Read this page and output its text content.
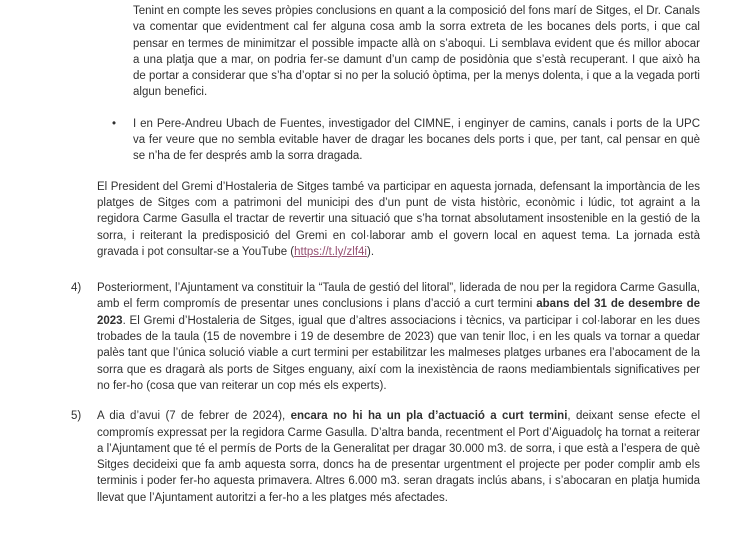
Tenint en compte les seves pròpies conclusions en quant a la composició del fons marí de Sitges, el Dr. Canals va comentar que evidentment cal fer alguna cosa amb la sorra extreta de les bocanes dels ports, i que cal pensar en termes de minimitzar el possible impacte allà on s’aboqui. Li semblava evident que és millor abocar a una platja que a mar, on podria fer-se damunt d’un camp de posidònia que s’està recuperant. I que això ha de portar a considerar que s’ha d’optar si no per la solució òptima, per la menys dolenta, i que a la vegada porti algun benefici.

• I en Pere-Andreu Ubach de Fuentes, investigador del CIMNE, i enginyer de camins, canals i ports de la UPC va fer veure que no sembla evitable haver de dragar les bocanes dels ports i que, per tant, cal pensar en què se n’ha de fer després amb la sorra dragada.

El President del Gremi d’Hostaleria de Sitges també va participar en aquesta jornada, defensant la importància de les platges de Sitges com a patrimoni del municipi des d’un punt de vista històric, econòmic i lúdic, tot agraint a la regidora Carme Gasulla el tractar de revertir una situació que s’ha tornat absolutament insostenible en la gestió de la sorra, i reiterant la predisposició del Gremi en col·laborar amb el govern local en aquest tema. La jornada està gravada i pot consultar-se a YouTube (https://t.ly/zlf4i).

4) Posteriorment, l’Ajuntament va constituir la “Taula de gestió del litoral”, liderada de nou per la regidora Carme Gasulla, amb el ferm compromís de presentar unes conclusions i plans d’acció a curt termini abans del 31 de desembre de 2023. El Gremi d’Hostaleria de Sitges, igual que d’altres associacions i tècnics, va participar i col·laborar en les dues trobades de la taula (15 de novembre i 19 de desembre de 2023) que van tenir lloc, i en les quals va tornar a quedar palès tant que l’única solució viable a curt termini per estabilitzar les malmeses platges urbanes era l’abocament de la sorra que es dragarà als ports de Sitges enguany, així com la inexistència de raons mediambientals significatives per no fer-ho (cosa que van reiterar un cop més els experts).

5) A dia d’avui (7 de febrer de 2024), encara no hi ha un pla d’actuació a curt termini, deixant sense efecte el compromís expressat per la regidora Carme Gasulla. D’altra banda, recentment el Port d’Aiguadolç ha tornat a reiterar a l’Ajuntament que té el permís de Ports de la Generalitat per dragar 30.000 m3. de sorra, i que està a l’espera de què Sitges decideixi que fa amb aquesta sorra, doncs ha de presentar urgentment el projecte per poder complir amb els terminis i poder fer-ho aquesta primavera. Altres 6.000 m3. seran dragats inclús abans, i s’abocaran en platja humida llevat que l’Ajuntament autoritzi a fer-ho a les platges més afectades.
